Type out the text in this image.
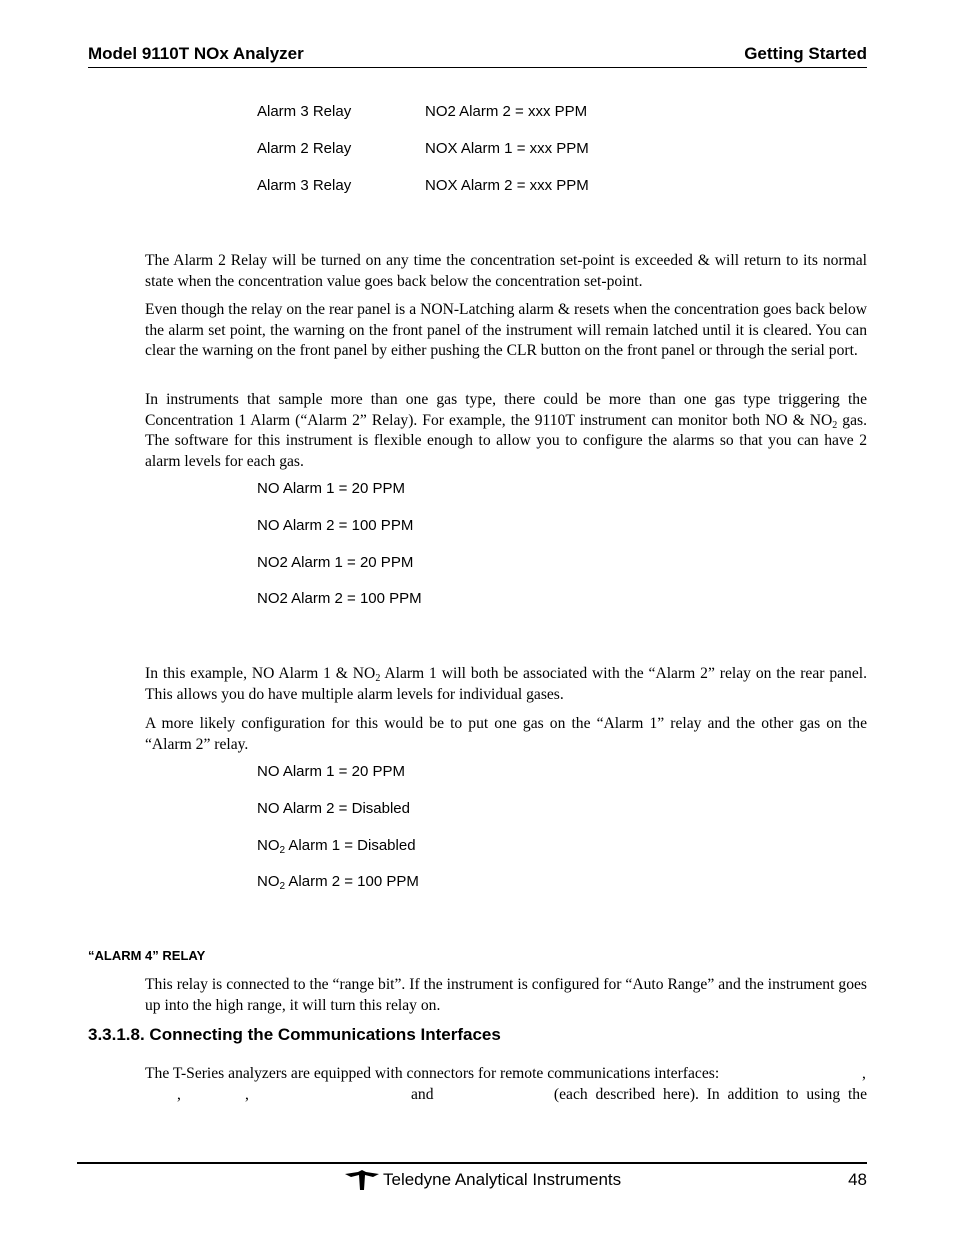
Model 9110T NOx Analyzer	Getting Started
Alarm 3 Relay	NO2 Alarm 2 = xxx PPM
Alarm 2 Relay	NOX Alarm 1 = xxx PPM
Alarm 3 Relay	NOX Alarm 2 = xxx PPM
The Alarm 2 Relay will be turned on any time the concentration set-point is exceeded & will return to its normal state when the concentration value goes back below the concentration set-point.
Even though the relay on the rear panel is a NON-Latching alarm & resets when the concentration goes back below the alarm set point, the warning on the front panel of the instrument will remain latched until it is cleared. You can clear the warning on the front panel by either pushing the CLR button on the front panel or through the serial port.
In instruments that sample more than one gas type, there could be more than one gas type triggering the Concentration 1 Alarm (“Alarm 2” Relay). For example, the 9110T instrument can monitor both NO & $NO_2$ gas. The software for this instrument is flexible enough to allow you to configure the alarms so that you can have 2 alarm levels for each gas.
NO Alarm 1 = 20 PPM
NO Alarm 2 = 100 PPM
NO2 Alarm 1 = 20 PPM
NO2 Alarm 2 = 100 PPM
In this example, NO Alarm 1 & $NO_2$ Alarm 1 will both be associated with the “Alarm 2” relay on the rear panel. This allows you do have multiple alarm levels for individual gases.
A more likely configuration for this would be to put one gas on the “Alarm 1” relay and the other gas on the “Alarm 2” relay.
NO Alarm 1 = 20 PPM
NO Alarm 2 = Disabled
$NO_2$ Alarm 1 = Disabled
$NO_2$ Alarm 2 = 100 PPM
“ALARM 4” RELAY
This relay is connected to the “range bit”. If the instrument is configured for “Auto Range” and the instrument goes up into the high range, it will turn this relay on.
3.3.1.8. Connecting the Communications Interfaces
The T-Series analyzers are equipped with connectors for remote communications interfaces:	,
,	,	and	(each  described  here).  In  addition  to  using  the
Teledyne Analytical Instruments	48
